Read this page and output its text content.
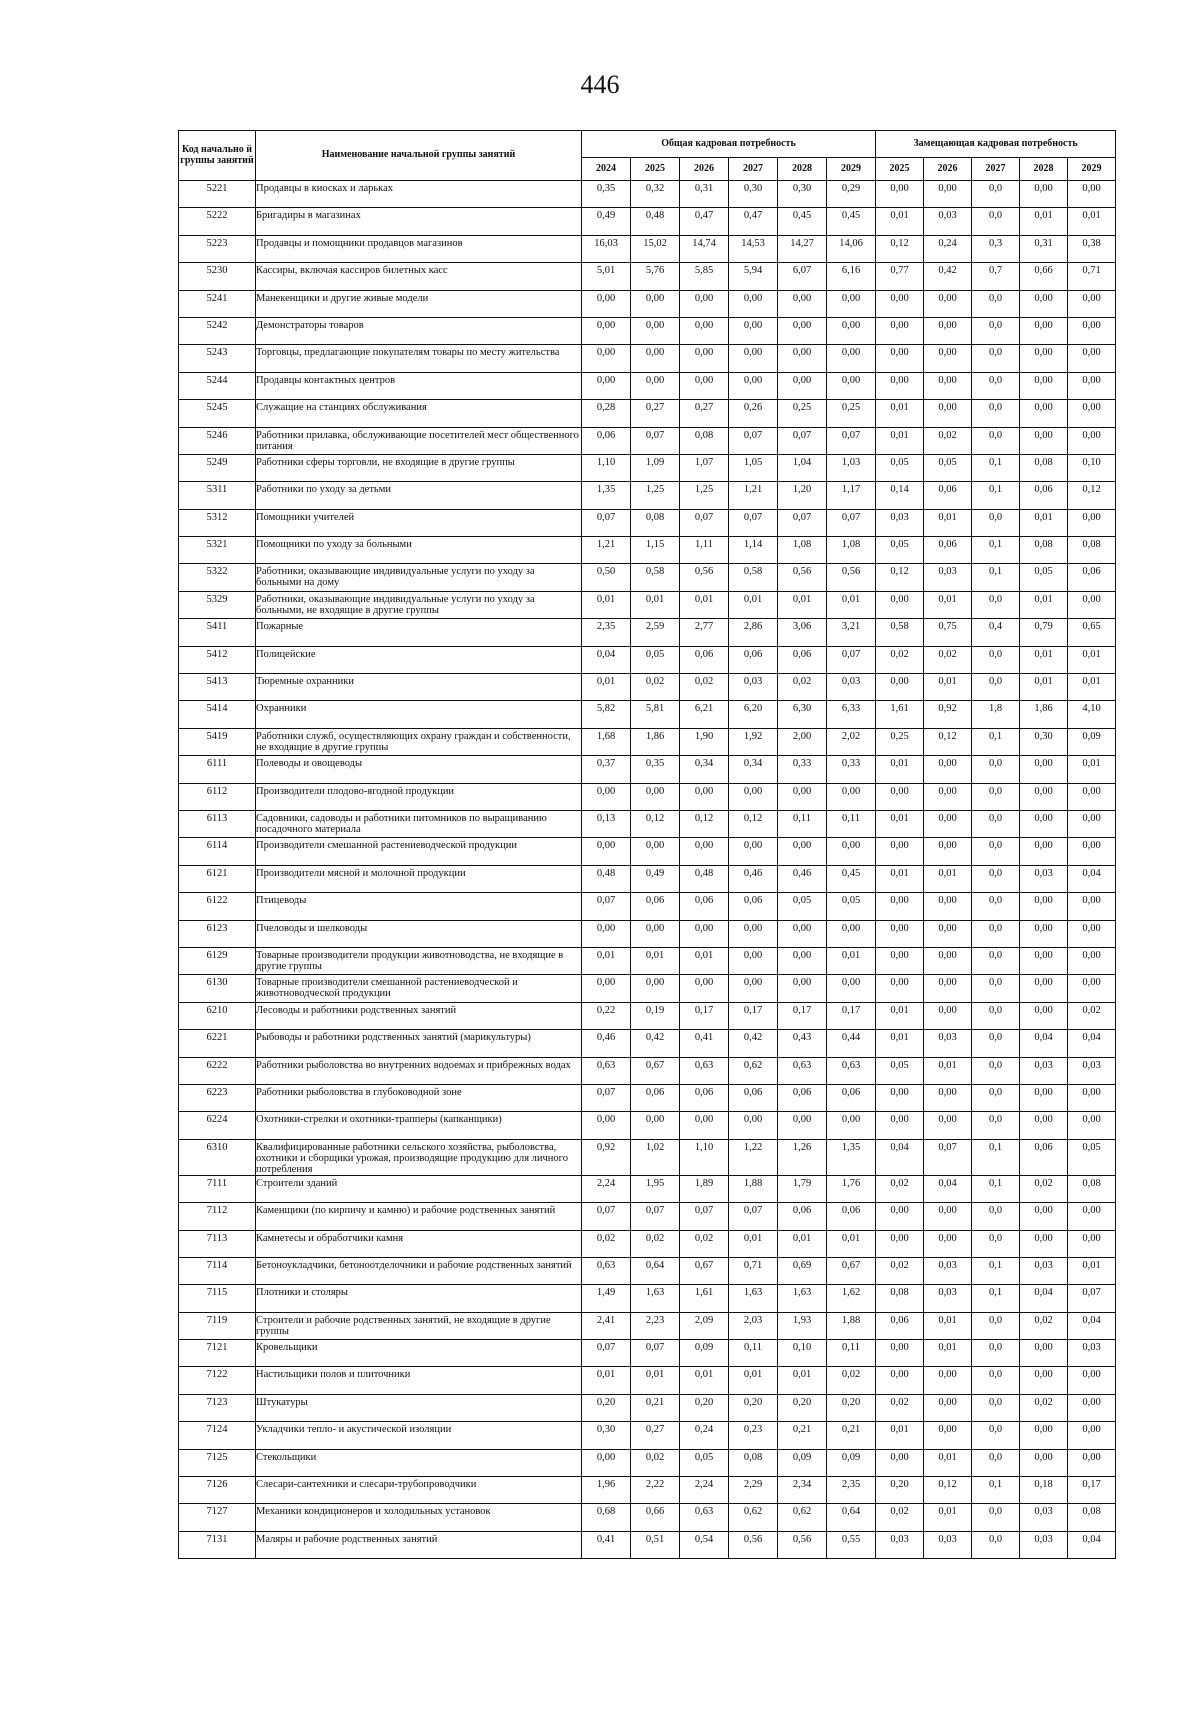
446
Код начально й группы занятий	Наименование начальной группы занятий	Общая кадровая потребность						Замещающая кадровая потребность				
		2024	2025	2026	2027	2028	2029	2025	2026	2027	2028	2029
5221	Продавцы в киосках и ларьках	0,35	0,32	0,31	0,30	0,30	0,29	0,00	0,00	0,0	0,00	0,00
5222	Бригадиры в магазинах	0,49	0,48	0,47	0,47	0,45	0,45	0,01	0,03	0,0	0,01	0,01
5223	Продавцы и помощники продавцов магазинов	16,03	15,02	14,74	14,53	14,27	14,06	0,12	0,24	0,3	0,31	0,38
5230	Кассиры, включая кассиров билетных касс	5,01	5,76	5,85	5,94	6,07	6,16	0,77	0,42	0,7	0,66	0,71
5241	Манекенщики и другие живые модели	0,00	0,00	0,00	0,00	0,00	0,00	0,00	0,00	0,0	0,00	0,00
5242	Демонстраторы товаров	0,00	0,00	0,00	0,00	0,00	0,00	0,00	0,00	0,0	0,00	0,00
5243	Торговцы, предлагающие покупателям товары по месту жительства	0,00	0,00	0,00	0,00	0,00	0,00	0,00	0,00	0,0	0,00	0,00
5244	Продавцы контактных центров	0,00	0,00	0,00	0,00	0,00	0,00	0,00	0,00	0,0	0,00	0,00
5245	Служащие на станциях обслуживания	0,28	0,27	0,27	0,26	0,25	0,25	0,01	0,00	0,0	0,00	0,00
5246	Работники прилавка, обслуживающие посетителей мест общественного питания	0,06	0,07	0,08	0,07	0,07	0,07	0,01	0,02	0,0	0,00	0,00
5249	Работники сферы торговли, не входящие в другие группы	1,10	1,09	1,07	1,05	1,04	1,03	0,05	0,05	0,1	0,08	0,10
5311	Работники по уходу за детьми	1,35	1,25	1,25	1,21	1,20	1,17	0,14	0,06	0,1	0,06	0,12
5312	Помощники учителей	0,07	0,08	0,07	0,07	0,07	0,07	0,03	0,01	0,0	0,01	0,00
5321	Помощники по уходу за больными	1,21	1,15	1,11	1,14	1,08	1,08	0,05	0,06	0,1	0,08	0,08
5322	Работники, оказывающие индивидуальные услуги по уходу за больными на дому	0,50	0,58	0,56	0,58	0,56	0,56	0,12	0,03	0,1	0,05	0,06
5329	Работники, оказывающие индивидуальные услуги по уходу за больными, не входящие в другие группы	0,01	0,01	0,01	0,01	0,01	0,01	0,00	0,01	0,0	0,01	0,00
5411	Пожарные	2,35	2,59	2,77	2,86	3,06	3,21	0,58	0,75	0,4	0,79	0,65
5412	Полицейские	0,04	0,05	0,06	0,06	0,06	0,07	0,02	0,02	0,0	0,01	0,01
5413	Тюремные охранники	0,01	0,02	0,02	0,03	0,02	0,03	0,00	0,01	0,0	0,01	0,01
5414	Охранники	5,82	5,81	6,21	6,20	6,30	6,33	1,61	0,92	1,8	1,86	4,10
5419	Работники служб, осуществляющих охрану граждан и собственности, не входящие в другие группы	1,68	1,86	1,90	1,92	2,00	2,02	0,25	0,12	0,1	0,30	0,09
6111	Полеводы и овощеводы	0,37	0,35	0,34	0,34	0,33	0,33	0,01	0,00	0,0	0,00	0,01
6112	Производители плодово-ягодной продукции	0,00	0,00	0,00	0,00	0,00	0,00	0,00	0,00	0,0	0,00	0,00
6113	Садовники, садоводы и работники питомников по выращиванию посадочного материала	0,13	0,12	0,12	0,12	0,11	0,11	0,01	0,00	0,0	0,00	0,00
6114	Производители смешанной растениеводческой продукции	0,00	0,00	0,00	0,00	0,00	0,00	0,00	0,00	0,0	0,00	0,00
6121	Производители мясной и молочной продукции	0,48	0,49	0,48	0,46	0,46	0,45	0,01	0,01	0,0	0,03	0,04
6122	Птицеводы	0,07	0,06	0,06	0,06	0,05	0,05	0,00	0,00	0,0	0,00	0,00
6123	Пчеловоды и шелководы	0,00	0,00	0,00	0,00	0,00	0,00	0,00	0,00	0,0	0,00	0,00
6129	Товарные производители продукции животноводства, не входящие в другие группы	0,01	0,01	0,01	0,00	0,00	0,01	0,00	0,00	0,0	0,00	0,00
6130	Товарные производители смешанной растениеводческой и животноводческой продукции	0,00	0,00	0,00	0,00	0,00	0,00	0,00	0,00	0,0	0,00	0,00
6210	Лесоводы и работники родственных занятий	0,22	0,19	0,17	0,17	0,17	0,17	0,01	0,00	0,0	0,00	0,02
6221	Рыбоводы и работники родственных занятий (марикультуры)	0,46	0,42	0,41	0,42	0,43	0,44	0,01	0,03	0,0	0,04	0,04
6222	Работники рыболовства во внутренних водоемах и прибрежных водах	0,63	0,67	0,63	0,62	0,63	0,63	0,05	0,01	0,0	0,03	0,03
6223	Работники рыболовства в глубоководной зоне	0,07	0,06	0,06	0,06	0,06	0,06	0,00	0,00	0,0	0,00	0,00
6224	Охотники-стрелки и охотники-трапперы (капканщики)	0,00	0,00	0,00	0,00	0,00	0,00	0,00	0,00	0,0	0,00	0,00
6310	Квалифицированные работники сельского хозяйства, рыболовства, охотники и сборщики урожая, производящие продукцию для личного потребления	0,92	1,02	1,10	1,22	1,26	1,35	0,04	0,07	0,1	0,06	0,05
7111	Строители зданий	2,24	1,95	1,89	1,88	1,79	1,76	0,02	0,04	0,1	0,02	0,08
7112	Каменщики (по кирпичу и камню) и рабочие родственных занятий	0,07	0,07	0,07	0,07	0,06	0,06	0,00	0,00	0,0	0,00	0,00
7113	Камнетесы и обработчики камня	0,02	0,02	0,02	0,01	0,01	0,01	0,00	0,00	0,0	0,00	0,00
7114	Бетоноукладчики, бетоноотделочники и рабочие родственных занятий	0,63	0,64	0,67	0,71	0,69	0,67	0,02	0,03	0,1	0,03	0,01
7115	Плотники и столяры	1,49	1,63	1,61	1,63	1,63	1,62	0,08	0,03	0,1	0,04	0,07
7119	Строители и рабочие родственных занятий, не входящие в другие группы	2,41	2,23	2,09	2,03	1,93	1,88	0,06	0,01	0,0	0,02	0,04
7121	Кровельщики	0,07	0,07	0,09	0,11	0,10	0,11	0,00	0,01	0,0	0,00	0,03
7122	Настильщики полов и плиточники	0,01	0,01	0,01	0,01	0,01	0,02	0,00	0,00	0,0	0,00	0,00
7123	Штукатуры	0,20	0,21	0,20	0,20	0,20	0,20	0,02	0,00	0,0	0,02	0,00
7124	Укладчики тепло- и акустической изоляции	0,30	0,27	0,24	0,23	0,21	0,21	0,01	0,00	0,0	0,00	0,00
7125	Стекольщики	0,00	0,02	0,05	0,08	0,09	0,09	0,00	0,01	0,0	0,00	0,00
7126	Слесари-сантехники и слесари-трубопроводчики	1,96	2,22	2,24	2,29	2,34	2,35	0,20	0,12	0,1	0,18	0,17
7127	Механики кондиционеров и холодильных установок	0,68	0,66	0,63	0,62	0,62	0,64	0,02	0,01	0,0	0,03	0,08
7131	Маляры и рабочие родственных занятий	0,41	0,51	0,54	0,56	0,56	0,55	0,03	0,03	0,0	0,03	0,04
